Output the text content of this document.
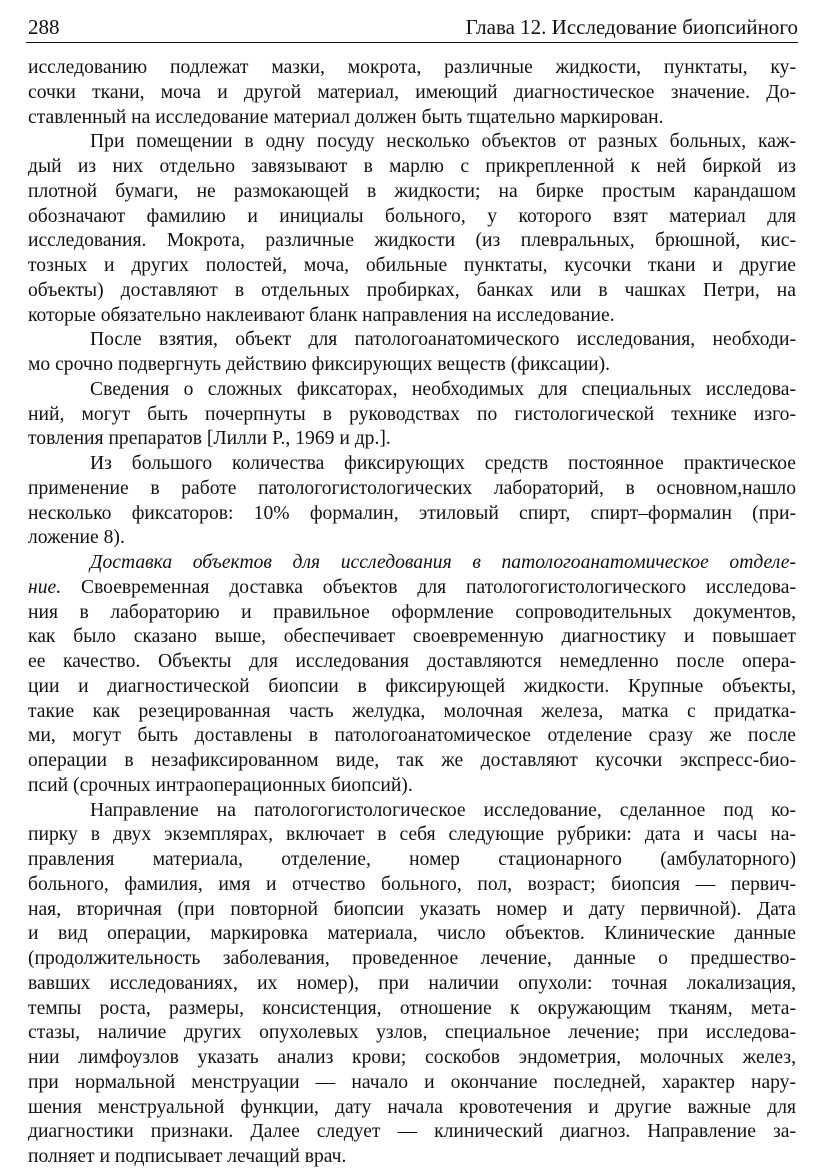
288	Глава 12. Исследование биопсийного
исследованию подлежат мазки, мокрота, различные жидкости, пунктаты, ку-
сочки ткани, моча и другой материал, имеющий диагностическое значение. До-
ставленный на исследование материал должен быть тщательно маркирован.
При помещении в одну посуду несколько объектов от разных больных, каж-
дый из них отдельно завязывают в марлю с прикрепленной к ней биркой из
плотной бумаги, не размокающей в жидкости; на бирке простым карандашом
обозначают фамилию и инициалы больного, у которого взят материал для
исследования. Мокрота, различные жидкости (из плевральных, брюшной, кис-
тозных и других полостей, моча, обильные пунктаты, кусочки ткани и другие
объекты) доставляют в отдельных пробирках, банках или в чашках Петри, на
которые обязательно наклеивают бланк направления на исследование.
После взятия, объект для патологоанатомического исследования, необходи-
мо срочно подвергнуть действию фиксирующих веществ (фиксации).
Сведения о сложных фиксаторах, необходимых для специальных исследова-
ний, могут быть почерпнуты в руководствах по гистологической технике изго-
товления препаратов [Лилли Р., 1969 и др.].
Из большого количества фиксирующих средств постоянное практическое
применение в работе патологогистологических лабораторий, в основном,нашло
несколько фиксаторов: 10% формалин, этиловый спирт, спирт–формалин (при-
ложение 8).
Доставка объектов для исследования в патологоанатомическое отделе-
ние. Своевременная доставка объектов для патологогистологического исследова-
ния в лабораторию и правильное оформление сопроводительных документов,
как было сказано выше, обеспечивает своевременную диагностику и повышает
ее качество. Объекты для исследования доставляются немедленно после опера-
ции и диагностической биопсии в фиксирующей жидкости. Крупные объекты,
такие как резецированная часть желудка, молочная железа, матка с придатка-
ми, могут быть доставлены в патологоанатомическое отделение сразу же после
операции в незафиксированном виде, так же доставляют кусочки экспресс-био-
псий (срочных интраоперационных биопсий).
Направление на патологогистологическое исследование, сделанное под ко-
пирку в двух экземплярах, включает в себя следующие рубрики: дата и часы на-
правления материала, отделение, номер стационарного (амбулаторного)
больного, фамилия, имя и отчество больного, пол, возраст; биопсия — первич-
ная, вторичная (при повторной биопсии указать номер и дату первичной). Дата
и вид операции, маркировка материала, число объектов. Клинические данные
(продолжительность заболевания, проведенное лечение, данные о предшество-
вавших исследованиях, их номер), при наличии опухоли: точная локализация,
темпы роста, размеры, консистенция, отношение к окружающим тканям, мета-
стазы, наличие других опухолевых узлов, специальное лечение; при исследова-
нии лимфоузлов указать анализ крови; соскобов эндометрия, молочных желез,
при нормальной менструации — начало и окончание последней, характер нару-
шения менструальной функции, дату начала кровотечения и другие важные для
диагностики признаки. Далее следует — клинический диагноз. Направление за-
полняет и подписывает лечащий врач.
